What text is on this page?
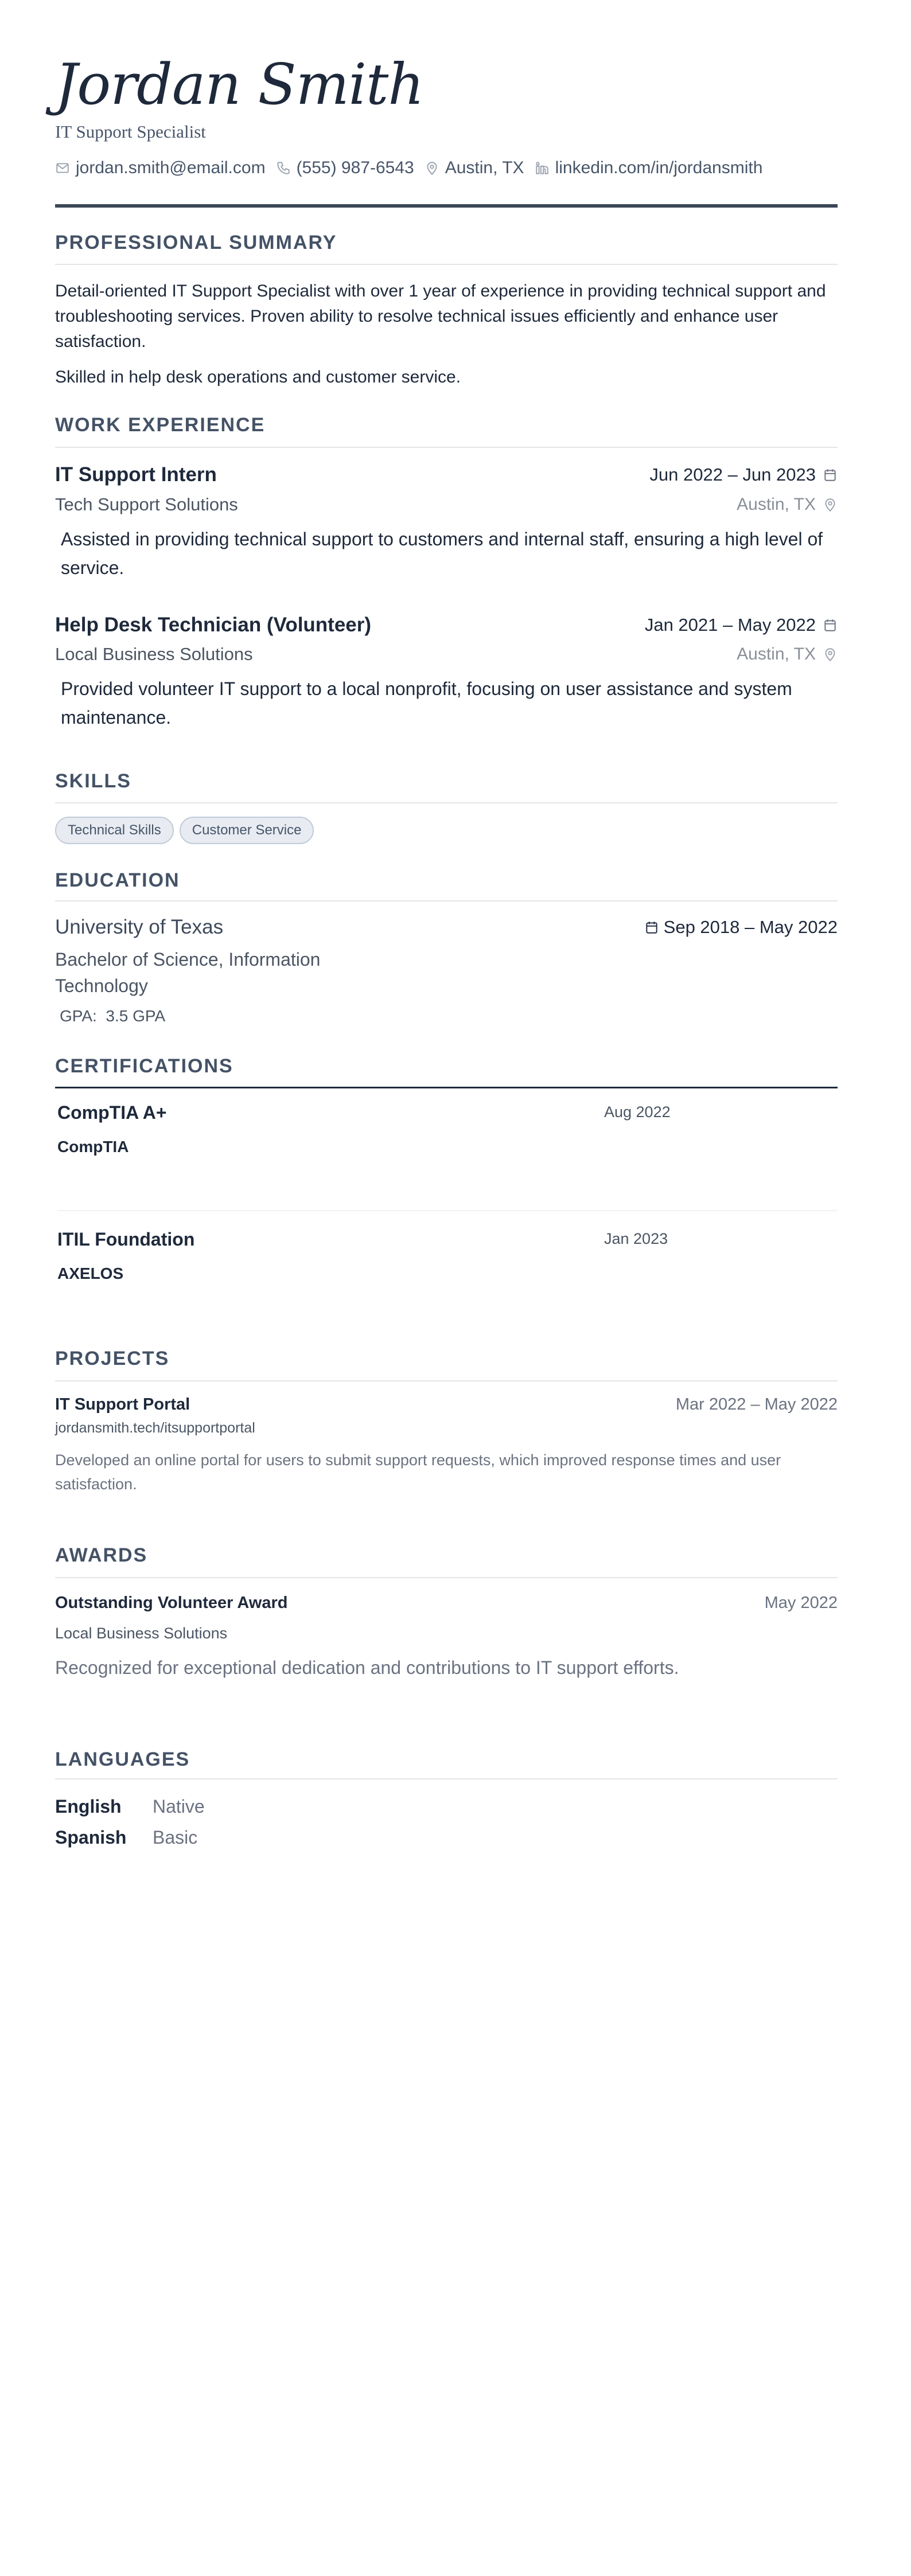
Jordan Smith
IT Support Specialist
jordan.smith@email.com (555) 987-6543 Austin, TX linkedin.com/in/jordansmith
PROFESSIONAL SUMMARY
Detail-oriented IT Support Specialist with over 1 year of experience in providing technical support and troubleshooting services. Proven ability to resolve technical issues efficiently and enhance user satisfaction.
Skilled in help desk operations and customer service.
WORK EXPERIENCE
IT Support Intern	Jun 2022 – Jun 2023
Tech Support Solutions	Austin, TX
Assisted in providing technical support to customers and internal staff, ensuring a high level of service.
Help Desk Technician (Volunteer)	Jan 2021 – May 2022
Local Business Solutions	Austin, TX
Provided volunteer IT support to a local nonprofit, focusing on user assistance and system maintenance.
SKILLS
Technical Skills	Customer Service
EDUCATION
University of Texas	Sep 2018 – May 2022
Bachelor of Science, Information Technology
GPA: 3.5 GPA
CERTIFICATIONS
CompTIA A+	Aug 2022
CompTIA
ITIL Foundation	Jan 2023
AXELOS
PROJECTS
IT Support Portal	Mar 2022 – May 2022
jordansmith.tech/itsupportportal
Developed an online portal for users to submit support requests, which improved response times and user satisfaction.
AWARDS
Outstanding Volunteer Award	May 2022
Local Business Solutions
Recognized for exceptional dedication and contributions to IT support efforts.
LANGUAGES
English	Native
Spanish	Basic
